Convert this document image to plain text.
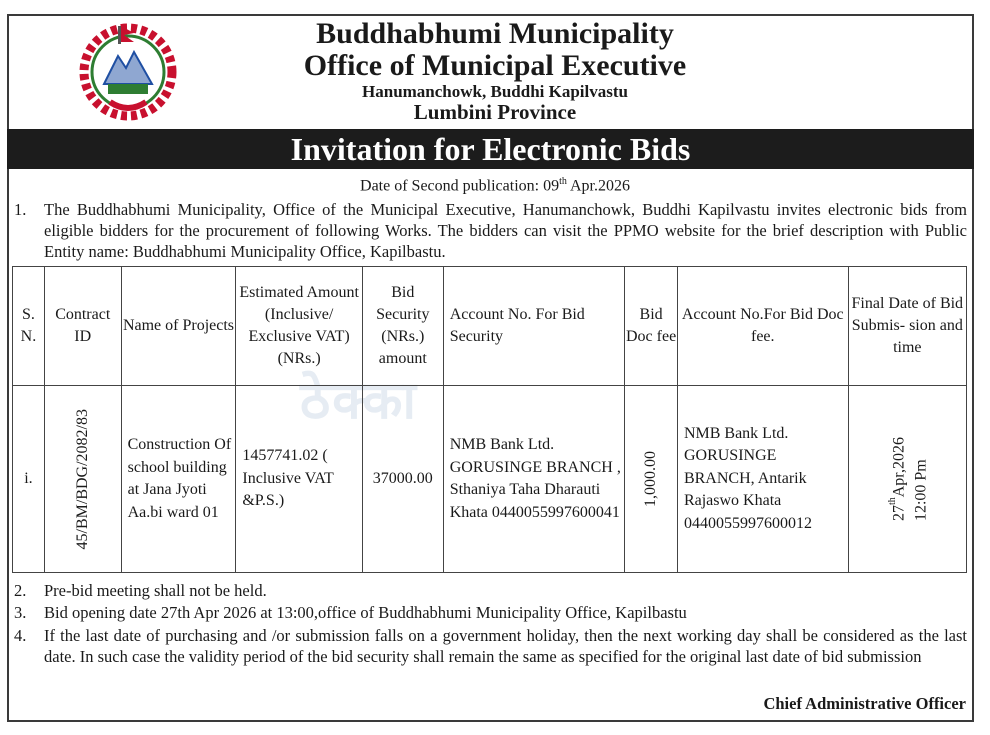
Buddhabhumi Municipality
Office of Municipal Executive
Hanumanchowk, Buddhi Kapilvastu
Lumbini Province
Invitation for Electronic Bids
Date of Second publication: 09th Apr.2026
1. The Buddhabhumi Municipality, Office of the Municipal Executive, Hanumanchowk, Buddhi Kapilvastu invites electronic bids from eligible bidders for the procurement of following Works. The bidders can visit the PPMO website for the brief description with Public Entity name: Buddhabhumi Municipality Office, Kapilbastu.
ठेक्का
S. N.	Contract ID	Name of Projects	Estimated Amount (Inclusive/ Exclusive VAT) (NRs.)	Bid Security (NRs.) amount	Account No. For Bid Security	Bid Doc fee	Account No.For Bid Doc fee.	Final Date of Bid Submis- sion and time
i.	45/BM/BDG/2082/83	Construction Of school building at Jana Jyoti Aa.bi ward 01	1457741.02 ( Inclusive VAT &P.S.)	37000.00	NMB Bank Ltd. GORUSINGE BRANCH , Sthaniya Taha Dharauti Khata 0440055997600041	1,000.00	NMB Bank Ltd. GORUSINGE BRANCH, Antarik Rajaswo Khata 0440055997600012	27thApr,2026 12:00 Pm
2. Pre-bid meeting shall not be held.
3. Bid opening date 27th Apr 2026 at 13:00,office of Buddhabhumi Municipality Office, Kapilbastu
4. If the last date of purchasing and /or submission falls on a government holiday, then the next working day shall be considered as the last date. In such case the validity period of the bid security shall remain the same as specified for the original last date of bid submission
Chief Administrative Officer
